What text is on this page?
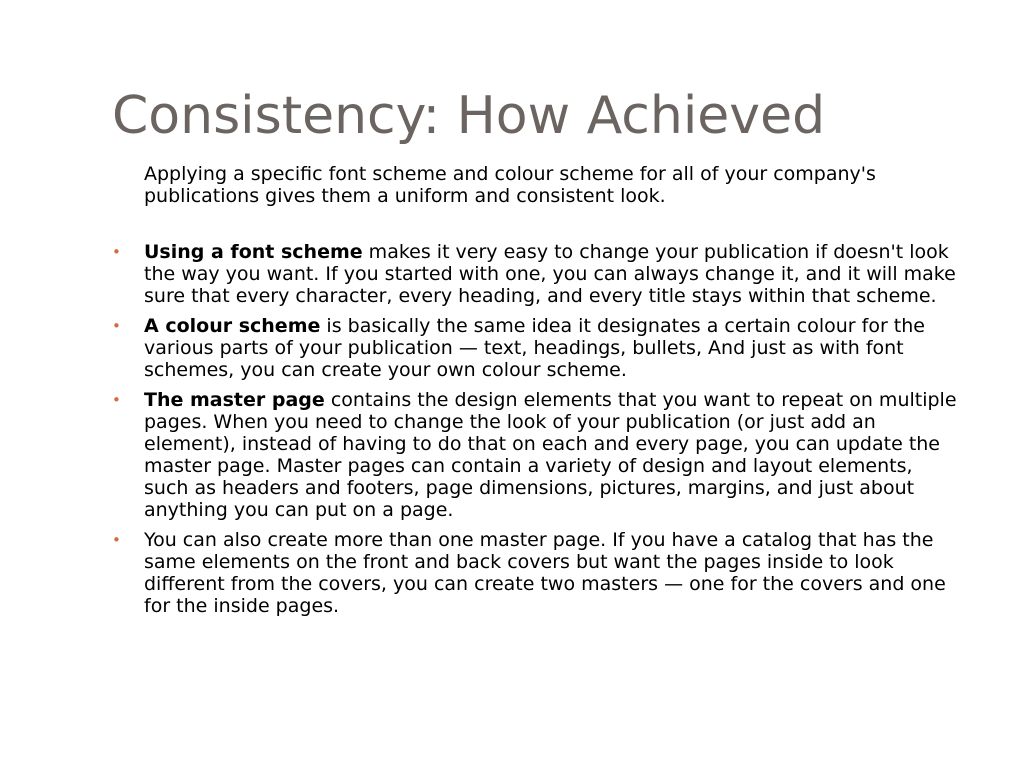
Consistency: How Achieved

Applying a specific font scheme and colour scheme for all of your company's publications gives them a uniform and consistent look.

• Using a font scheme makes it very easy to change your publication if doesn't look the way you want. If you started with one, you can always change it, and it will make sure that every character, every heading, and every title stays within that scheme.
• A colour scheme is basically the same idea it designates a certain colour for the various parts of your publication — text, headings, bullets, And just as with font schemes, you can create your own colour scheme.
• The master page contains the design elements that you want to repeat on multiple pages. When you need to change the look of your publication (or just add an element), instead of having to do that on each and every page, you can update the master page. Master pages can contain a variety of design and layout elements, such as headers and footers, page dimensions, pictures, margins, and just about anything you can put on a page.
• You can also create more than one master page. If you have a catalog that has the same elements on the front and back covers but want the pages inside to look different from the covers, you can create two masters — one for the covers and one for the inside pages.
